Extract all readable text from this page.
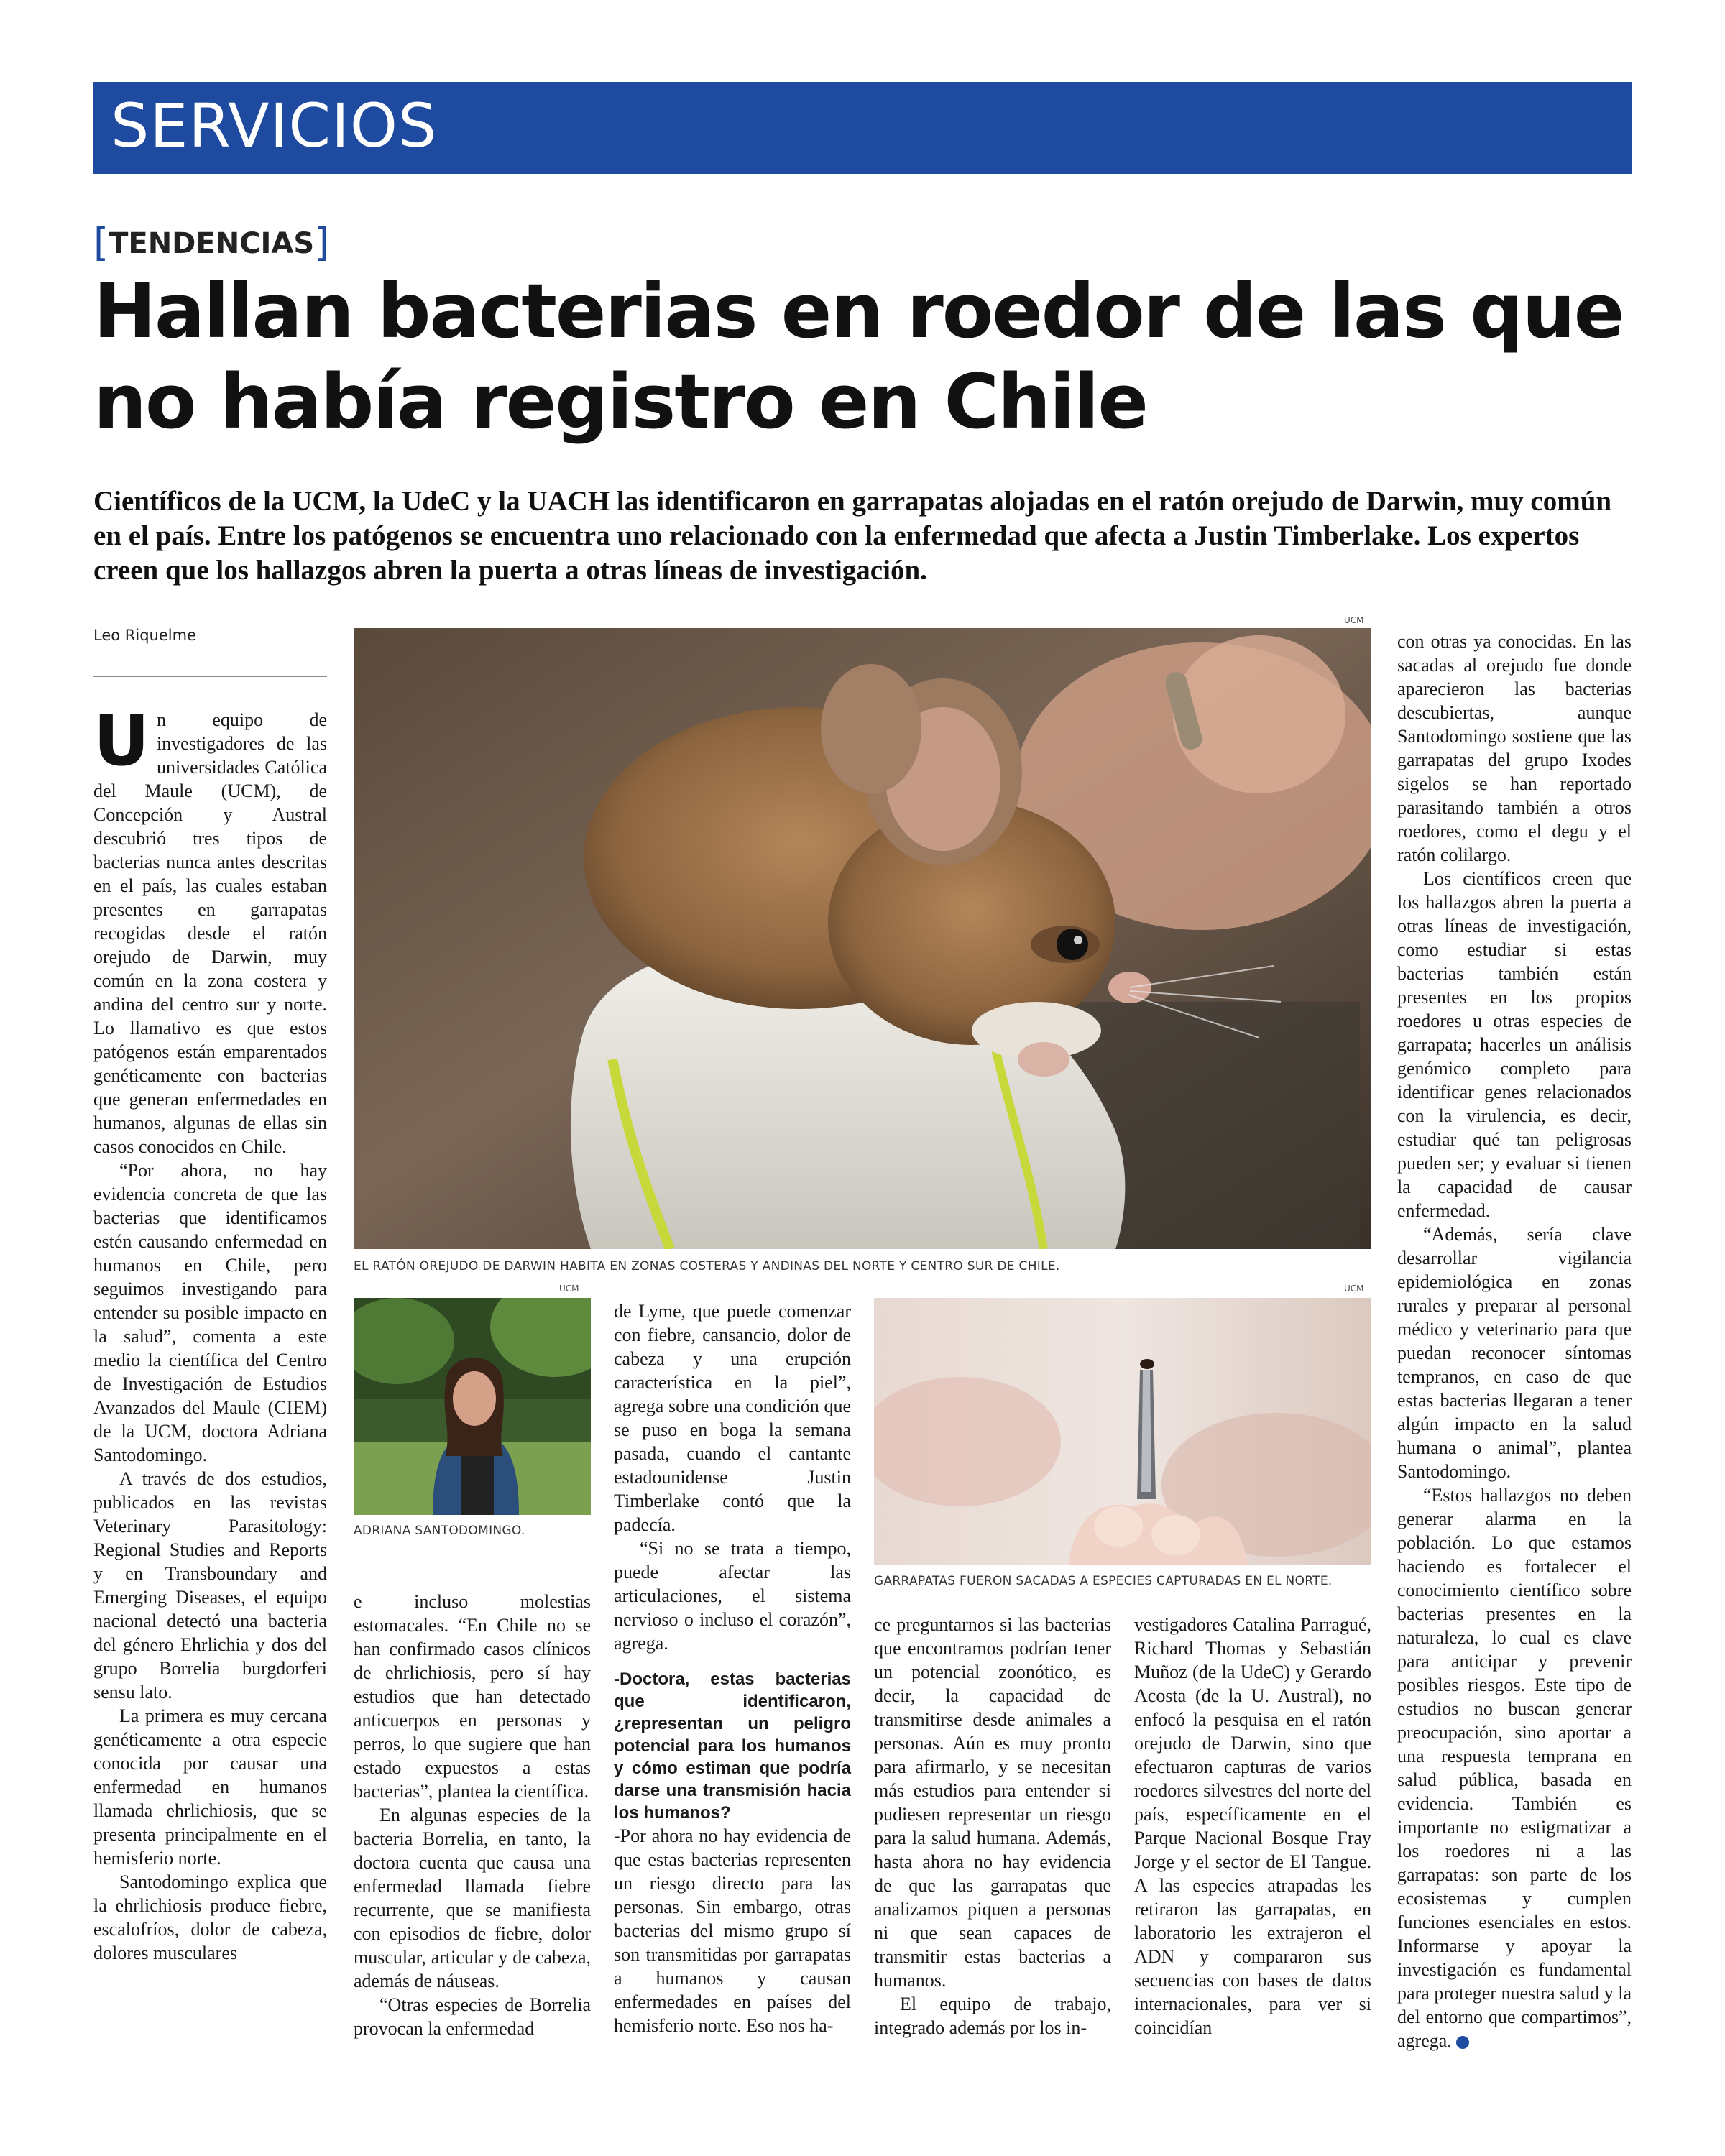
SERVICIOS
[TENDENCIAS]
Hallan bacterias en roedor de las que
no había registro en Chile
Científicos de la UCM, la UdeC y la UACH las identificaron en garrapatas alojadas en el ratón orejudo de Darwin, muy común en el país. Entre los patógenos se encuentra uno relacionado con la enfermedad que afecta a Justin Timberlake. Los expertos creen que los hallazgos abren la puerta a otras líneas de investigación.
Leo Riquelme

Un equipo de investigadores de las universidades Católica del Maule (UCM), de Concepción y Austral descubrió tres tipos de bacterias nunca antes descritas en el país, las cuales estaban presentes en garrapatas recogidas desde el ratón orejudo de Darwin, muy común en la zona costera y andina del centro sur y norte. Lo llamativo es que estos patógenos están emparentados genéticamente con bacterias que generan enfermedades en humanos, algunas de ellas sin casos conocidos en Chile.

“Por ahora, no hay evidencia concreta de que las bacterias que identificamos estén causando enfermedad en humanos en Chile, pero seguimos investigando para entender su posible impacto en la salud”, comenta a este medio la científica del Centro de Investigación de Estudios Avanzados del Maule (CIEM) de la UCM, doctora Adriana Santodomingo.

A través de dos estudios, publicados en las revistas Veterinary Parasitology: Regional Studies and Reports y en Transboundary and Emerging Diseases, el equipo nacional detectó una bacteria del género Ehrlichia y dos del grupo Borrelia burgdorferi sensu lato.

La primera es muy cercana genéticamente a otra especie conocida por causar una enfermedad en humanos llamada ehrlichiosis, que se presenta principalmente en el hemisferio norte.

Santodomingo explica que la ehrlichiosis produce fiebre, escalofríos, dolor de cabeza, dolores musculares

UCM
EL RATÓN OREJUDO DE DARWIN HABITA EN ZONAS COSTERAS Y ANDINAS DEL NORTE Y CENTRO SUR DE CHILE.
UCM
ADRIANA SANTODOMINGO.

e incluso molestias estomacales. “En Chile no se han confirmado casos clínicos de ehrlichiosis, pero sí hay estudios que han detectado anticuerpos en personas y perros, lo que sugiere que han estado expuestos a estas bacterias”, plantea la científica.

En algunas especies de la bacteria Borrelia, en tanto, la doctora cuenta que causa una enfermedad llamada fiebre recurrente, que se manifiesta con episodios de fiebre, dolor muscular, articular y de cabeza, además de náuseas.

“Otras especies de Borrelia provocan la enfermedad

de Lyme, que puede comenzar con fiebre, cansancio, dolor de cabeza y una erupción característica en la piel”, agrega sobre una condición que se puso en boga la semana pasada, cuando el cantante estadounidense Justin Timberlake contó que la padecía.

“Si no se trata a tiempo, puede afectar las articulaciones, el sistema nervioso o incluso el corazón”, agrega.

-Doctora, estas bacterias que identificaron, ¿representan un peligro potencial para los humanos y cómo estiman que podría darse una transmisión hacia los humanos?

-Por ahora no hay evidencia de que estas bacterias representen un riesgo directo para las personas. Sin embargo, otras bacterias del mismo grupo sí son transmitidas por garrapatas a humanos y causan enfermedades en países del hemisferio norte. Eso nos ha-

UCM
GARRAPATAS FUERON SACADAS A ESPECIES CAPTURADAS EN EL NORTE.

ce preguntarnos si las bacterias que encontramos podrían tener un potencial zoonótico, es decir, la capacidad de transmitirse desde animales a personas. Aún es muy pronto para afirmarlo, y se necesitan más estudios para entender si pudiesen representar un riesgo para la salud humana. Además, hasta ahora no hay evidencia de que las garrapatas que analizamos piquen a personas ni que sean capaces de transmitir estas bacterias a humanos.

El equipo de trabajo, integrado además por los in-

vestigadores Catalina Parragué, Richard Thomas y Sebastián Muñoz (de la UdeC) y Gerardo Acosta (de la U. Austral), no enfocó la pesquisa en el ratón orejudo de Darwin, sino que efectuaron capturas de varios roedores silvestres del norte del país, específicamente en el Parque Nacional Bosque Fray Jorge y el sector de El Tangue. A las especies atrapadas les retiraron las garrapatas, en laboratorio les extrajeron el ADN y compararon sus secuencias con bases de datos internacionales, para ver si coincidían

con otras ya conocidas. En las sacadas al orejudo fue donde aparecieron las bacterias descubiertas, aunque Santodomingo sostiene que las garrapatas del grupo Ixodes sigelos se han reportado parasitando también a otros roedores, como el degu y el ratón colilargo.

Los científicos creen que los hallazgos abren la puerta a otras líneas de investigación, como estudiar si estas bacterias también están presentes en los propios roedores u otras especies de garrapata; hacerles un análisis genómico completo para identificar genes relacionados con la virulencia, es decir, estudiar qué tan peligrosas pueden ser; y evaluar si tienen la capacidad de causar enfermedad.

“Además, sería clave desarrollar vigilancia epidemiológica en zonas rurales y preparar al personal médico y veterinario para que puedan reconocer síntomas tempranos, en caso de que estas bacterias llegaran a tener algún impacto en la salud humana o animal”, plantea Santodomingo.

“Estos hallazgos no deben generar alarma en la población. Lo que estamos haciendo es fortalecer el conocimiento científico sobre bacterias presentes en la naturaleza, lo cual es clave para anticipar y prevenir posibles riesgos. Este tipo de estudios no buscan generar preocupación, sino aportar a una respuesta temprana en salud pública, basada en evidencia. También es importante no estigmatizar a los roedores ni a las garrapatas: son parte de los ecosistemas y cumplen funciones esenciales en estos. Informarse y apoyar la investigación es fundamental para proteger nuestra salud y la del entorno que compartimos”, agrega.	✪
